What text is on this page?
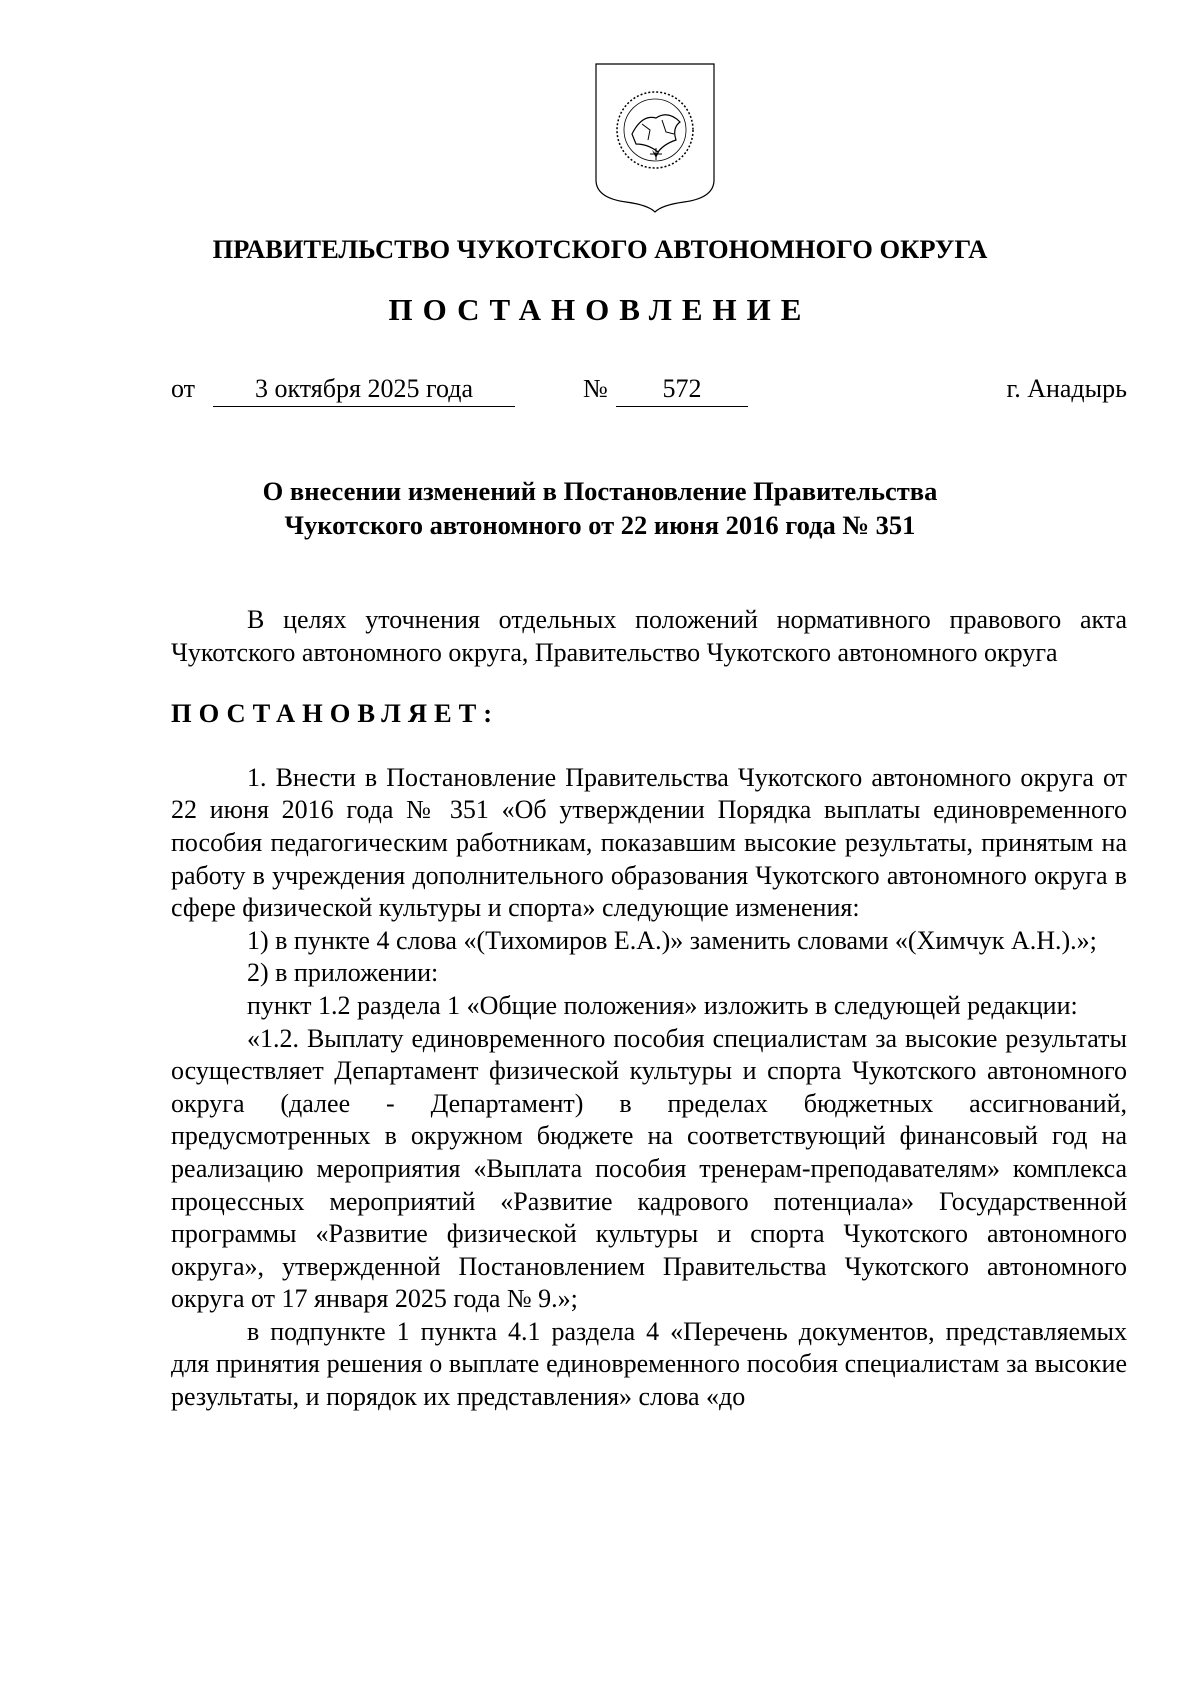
ПРАВИТЕЛЬСТВО ЧУКОТСКОГО АВТОНОМНОГО ОКРУГА
ПОСТАНОВЛЕНИЕ
от	3 октября 2025 года	№	572	г. Анадырь
О внесении изменений в Постановление Правительства
Чукотского автономного от 22 июня 2016 года № 351

В целях уточнения отдельных положений нормативного правового акта Чукотского автономного округа, Правительство Чукотского автономного округа

ПОСТАНОВЛЯЕТ:

1. Внести в Постановление Правительства Чукотского автономного округа от 22 июня 2016 года № 351 «Об утверждении Порядка выплаты единовременного пособия педагогическим работникам, показавшим высокие результаты, принятым на работу в учреждения дополнительного образования Чукотского автономного округа в сфере физической культуры и спорта» следующие изменения:

1) в пункте 4 слова «(Тихомиров Е.А.)» заменить словами «(Химчук А.Н.).»;

2) в приложении:

пункт 1.2 раздела 1 «Общие положения» изложить в следующей редакции:

«1.2. Выплату единовременного пособия специалистам за высокие результаты осуществляет Департамент физической культуры и спорта Чукотского автономного округа (далее - Департамент) в пределах бюджетных ассигнований, предусмотренных в окружном бюджете на соответствующий финансовый год на реализацию мероприятия «Выплата пособия тренерам-преподавателям» комплекса процессных мероприятий «Развитие кадрового потенциала» Государственной программы «Развитие физической культуры и спорта Чукотского автономного округа», утвержденной Постановлением Правительства Чукотского автономного округа от 17 января 2025 года № 9.»;

в подпункте 1 пункта 4.1 раздела 4 «Перечень документов, представляемых для принятия решения о выплате единовременного пособия специалистам за высокие результаты, и порядок их представления» слова «до
